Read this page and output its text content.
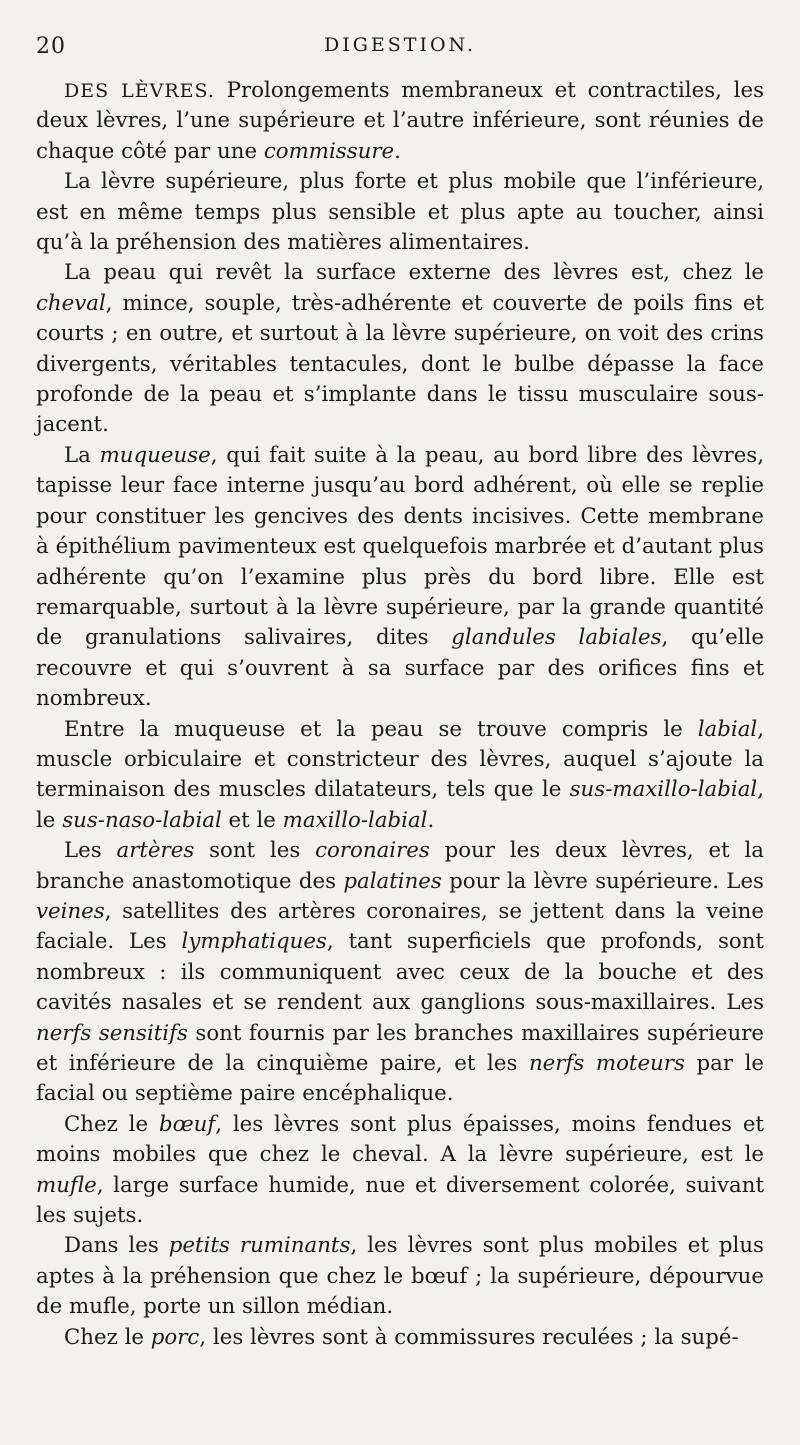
20	DIGESTION.

DES LÈVRES. Prolongements membraneux et contractiles, les deux lèvres, l’une supérieure et l’autre inférieure, sont réunies de chaque côté par une commissure.

La lèvre supérieure, plus forte et plus mobile que l’inférieure, est en même temps plus sensible et plus apte au toucher, ainsi qu’à la préhension des matières alimentaires.

La peau qui revêt la surface externe des lèvres est, chez le cheval, mince, souple, très-adhérente et couverte de poils fins et courts ; en outre, et surtout à la lèvre supérieure, on voit des crins divergents, véritables tentacules, dont le bulbe dépasse la face profonde de la peau et s’implante dans le tissu musculaire sous-jacent.

La muqueuse, qui fait suite à la peau, au bord libre des lèvres, tapisse leur face interne jusqu’au bord adhérent, où elle se replie pour constituer les gencives des dents incisives. Cette membrane à épithélium pavimenteux est quelquefois marbrée et d’autant plus adhérente qu’on l’examine plus près du bord libre. Elle est remarquable, surtout à la lèvre supérieure, par la grande quantité de granulations salivaires, dites glandules labiales, qu’elle recouvre et qui s’ouvrent à sa surface par des orifices fins et nombreux.

Entre la muqueuse et la peau se trouve compris le labial, muscle orbiculaire et constricteur des lèvres, auquel s’ajoute la terminaison des muscles dilatateurs, tels que le sus-maxillo-labial, le sus-naso-labial et le maxillo-labial.

Les artères sont les coronaires pour les deux lèvres, et la branche anastomotique des palatines pour la lèvre supérieure. Les veines, satellites des artères coronaires, se jettent dans la veine faciale. Les lymphatiques, tant superficiels que profonds, sont nombreux : ils communiquent avec ceux de la bouche et des cavités nasales et se rendent aux ganglions sous-maxillaires. Les nerfs sensitifs sont fournis par les branches maxillaires supérieure et inférieure de la cinquième paire, et les nerfs moteurs par le facial ou septième paire encéphalique.

Chez le bœuf, les lèvres sont plus épaisses, moins fendues et moins mobiles que chez le cheval. A la lèvre supérieure, est le mufle, large surface humide, nue et diversement colorée, suivant les sujets.

Dans les petits ruminants, les lèvres sont plus mobiles et plus aptes à la préhension que chez le bœuf ; la supérieure, dépourvue de mufle, porte un sillon médian.

Chez le porc, les lèvres sont à commissures reculées ; la supé-
